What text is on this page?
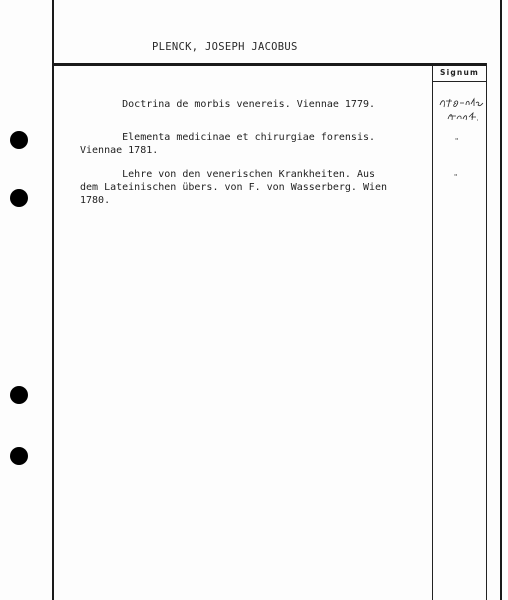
PLENCK, JOSEPH JACOBUS
Signum
Doctrina de morbis venereis. Viennae 1779.
Elementa medicinae et chirurgiae forensis.
Viennae 1781.
Lehre von den venerischen Krankheiten. Aus
dem Lateinischen übers. von F. von Wasserberg. Wien
1780.
"
"
